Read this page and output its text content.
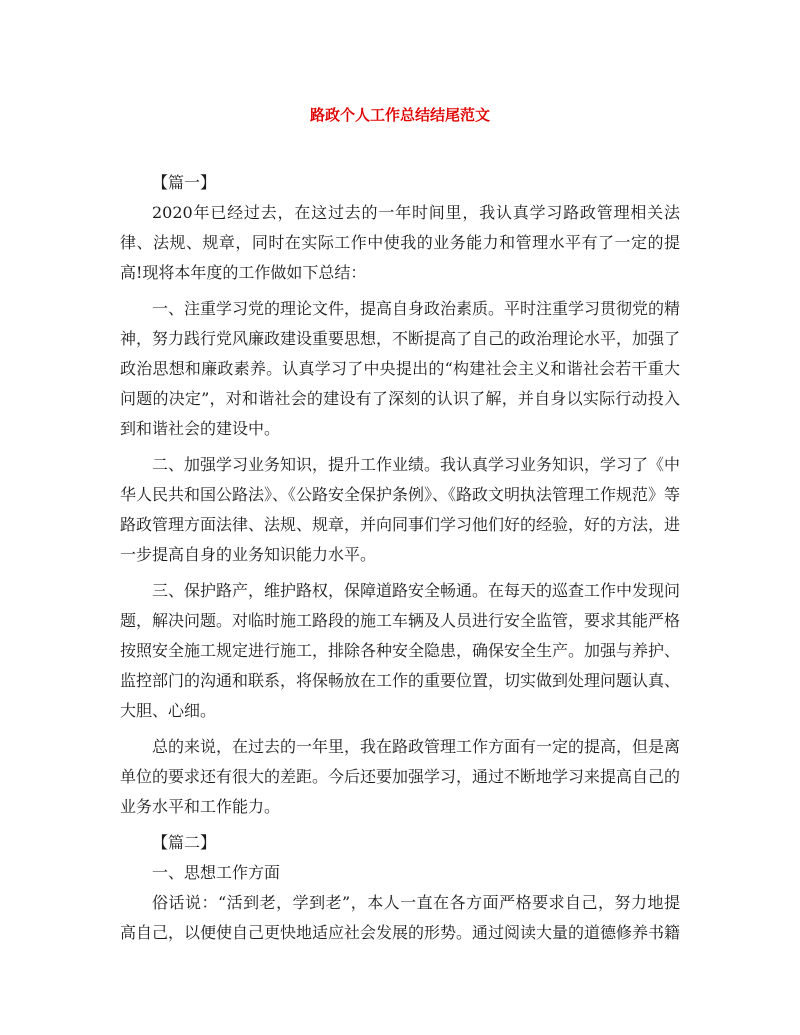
路政个人工作总结结尾范文

【篇一】

2020年已经过去，在这过去的一年时间里，我认真学习路政管理相关法律、法规、规章，同时在实际工作中使我的业务能力和管理水平有了一定的提高!现将本年度的工作做如下总结：

一、注重学习党的理论文件，提高自身政治素质。平时注重学习贯彻党的精神，努力践行党风廉政建设重要思想，不断提高了自己的政治理论水平，加强了政治思想和廉政素养。认真学习了中央提出的“构建社会主义和谐社会若干重大问题的决定”，对和谐社会的建设有了深刻的认识了解，并自身以实际行动投入到和谐社会的建设中。

二、加强学习业务知识，提升工作业绩。我认真学习业务知识，学习了《中华人民共和国公路法》、《公路安全保护条例》、《路政文明执法管理工作规范》等路政管理方面法律、法规、规章，并向同事们学习他们好的经验，好的方法，进一步提高自身的业务知识能力水平。

三、保护路产，维护路权，保障道路安全畅通。在每天的巡查工作中发现问题，解决问题。对临时施工路段的施工车辆及人员进行安全监管，要求其能严格按照安全施工规定进行施工，排除各种安全隐患，确保安全生产。加强与养护、监控部门的沟通和联系，将保畅放在工作的重要位置，切实做到处理问题认真、大胆、心细。

总的来说，在过去的一年里，我在路政管理工作方面有一定的提高，但是离单位的要求还有很大的差距。今后还要加强学习，通过不断地学习来提高自己的业务水平和工作能力。

【篇二】

一、思想工作方面

俗话说：“活到老，学到老”，本人一直在各方面严格要求自己，努力地提高自己，以便使自己更快地适应社会发展的形势。通过阅读大量的道德修养书籍
